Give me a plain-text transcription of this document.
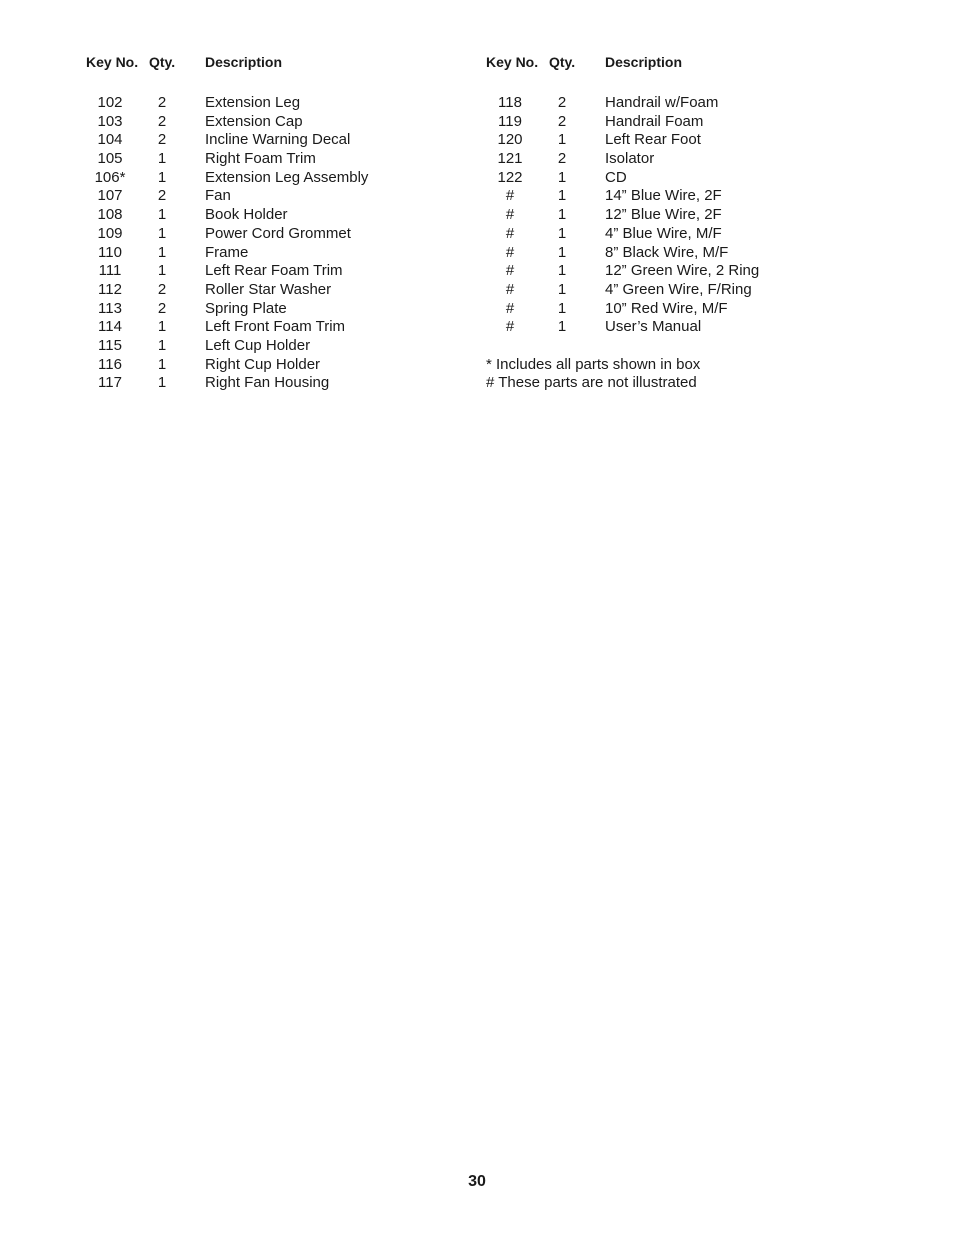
Key No. Qty. Description
102	2	Extension Leg
103	2	Extension Cap
104	2	Incline Warning Decal
105	1	Right Foam Trim
106*	1	Extension Leg Assembly
107	2	Fan
108	1	Book Holder
109	1	Power Cord Grommet
110	1	Frame
111	1	Left Rear Foam Trim
112	2	Roller Star Washer
113	2	Spring Plate
114	1	Left Front Foam Trim
115	1	Left Cup Holder
116	1	Right Cup Holder
117	1	Right Fan Housing
Key No. Qty. Description
118	2	Handrail w/Foam
119	2	Handrail Foam
120	1	Left Rear Foot
121	2	Isolator
122	1	CD
#	1	14” Blue Wire, 2F
#	1	12” Blue Wire, 2F
#	1	4” Blue Wire, M/F
#	1	8” Black Wire, M/F
#	1	12” Green Wire, 2 Ring
#	1	4” Green Wire, F/Ring
#	1	10” Red Wire, M/F
#	1	User’s Manual
* Includes all parts shown in box
# These parts are not illustrated
30
